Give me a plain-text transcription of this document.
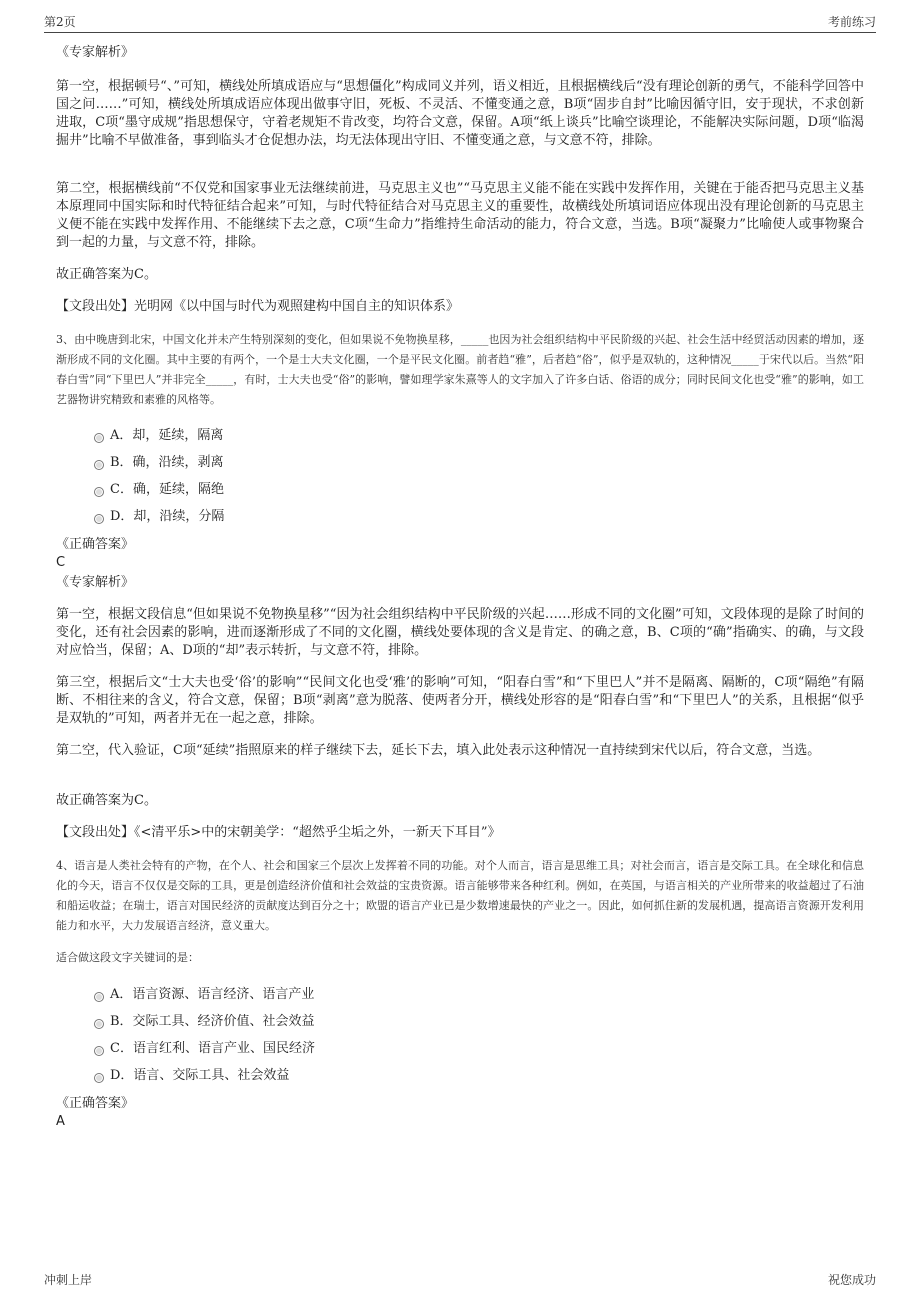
第2页	考前练习

《专家解析》

第一空，根据顿号“、”可知，横线处所填成语应与“思想僵化”构成同义并列，语义相近，且根据横线后“没有理论创新的勇气，不能科学回答中国之问……”可知，横线处所填成语应体现出做事守旧，死板、不灵活、不懂变通之意，B项“固步自封”比喻因循守旧，安于现状，不求创新进取，C项“墨守成规”指思想保守，守着老规矩不肯改变，均符合文意，保留。A项“纸上谈兵”比喻空谈理论，不能解决实际问题，D项“临渴掘井”比喻不早做准备，事到临头才仓促想办法，均无法体现出守旧、不懂变通之意，与文意不符，排除。

第二空，根据横线前“不仅党和国家事业无法继续前进，马克思主义也”“马克思主义能不能在实践中发挥作用，关键在于能否把马克思主义基本原理同中国实际和时代特征结合起来”可知，与时代特征结合对马克思主义的重要性，故横线处所填词语应体现出没有理论创新的马克思主义便不能在实践中发挥作用、不能继续下去之意，C项“生命力”指维持生命活动的能力，符合文意，当选。B项“凝聚力”比喻使人或事物聚合到一起的力量，与文意不符，排除。

故正确答案为C。

【文段出处】光明网《以中国与时代为观照建构中国自主的知识体系》

3、由中晚唐到北宋，中国文化并未产生特别深刻的变化，但如果说不免物换星移，_____也因为社会组织结构中平民阶级的兴起、社会生活中经贸活动因素的增加，逐渐形成不同的文化圈。其中主要的有两个，一个是士大夫文化圈，一个是平民文化圈。前者趋“雅”，后者趋“俗”，似乎是双轨的，这种情况_____于宋代以后。当然“阳春白雪”同“下里巴人”并非完全_____，有时，士大夫也受“俗”的影响，譬如理学家朱熹等人的文字加入了许多白话、俗语的成分；同时民间文化也受“雅”的影响，如工艺器物讲究精致和素雅的风格等。

A．却，延续，隔离
B．确，沿续，剥离
C．确，延续，隔绝
D．却，沿续，分隔

《正确答案》

C

《专家解析》

第一空，根据文段信息“但如果说不免物换星移”“因为社会组织结构中平民阶级的兴起……形成不同的文化圈”可知，文段体现的是除了时间的变化，还有社会因素的影响，进而逐渐形成了不同的文化圈，横线处要体现的含义是肯定、的确之意，B、C项的“确”指确实、的确，与文段对应恰当，保留；A、D项的“却”表示转折，与文意不符，排除。

第三空，根据后文“士大夫也受‘俗’的影响”“民间文化也受‘雅’的影响”可知，“阳春白雪”和“下里巴人”并不是隔离、隔断的，C项“隔绝”有隔断、不相往来的含义，符合文意，保留；B项“剥离”意为脱落、使两者分开，横线处形容的是“阳春白雪”和“下里巴人”的关系，且根据“似乎是双轨的”可知，两者并无在一起之意，排除。

第二空，代入验证，C项“延续”指照原来的样子继续下去，延长下去，填入此处表示这种情况一直持续到宋代以后，符合文意，当选。

故正确答案为C。

【文段出处】《<清平乐>中的宋朝美学：“超然乎尘垢之外，一新天下耳目”》

4、语言是人类社会特有的产物，在个人、社会和国家三个层次上发挥着不同的功能。对个人而言，语言是思维工具；对社会而言，语言是交际工具。在全球化和信息化的今天，语言不仅仅是交际的工具，更是创造经济价值和社会效益的宝贵资源。语言能够带来各种红利。例如，在英国，与语言相关的产业所带来的收益超过了石油和船运收益；在瑞士，语言对国民经济的贡献度达到百分之十；欧盟的语言产业已是少数增速最快的产业之一。因此，如何抓住新的发展机遇，提高语言资源开发利用能力和水平，大力发展语言经济，意义重大。

适合做这段文字关键词的是：

A．语言资源、语言经济、语言产业
B．交际工具、经济价值、社会效益
C．语言红利、语言产业、国民经济
D．语言、交际工具、社会效益

《正确答案》

A

冲刺上岸	祝您成功
